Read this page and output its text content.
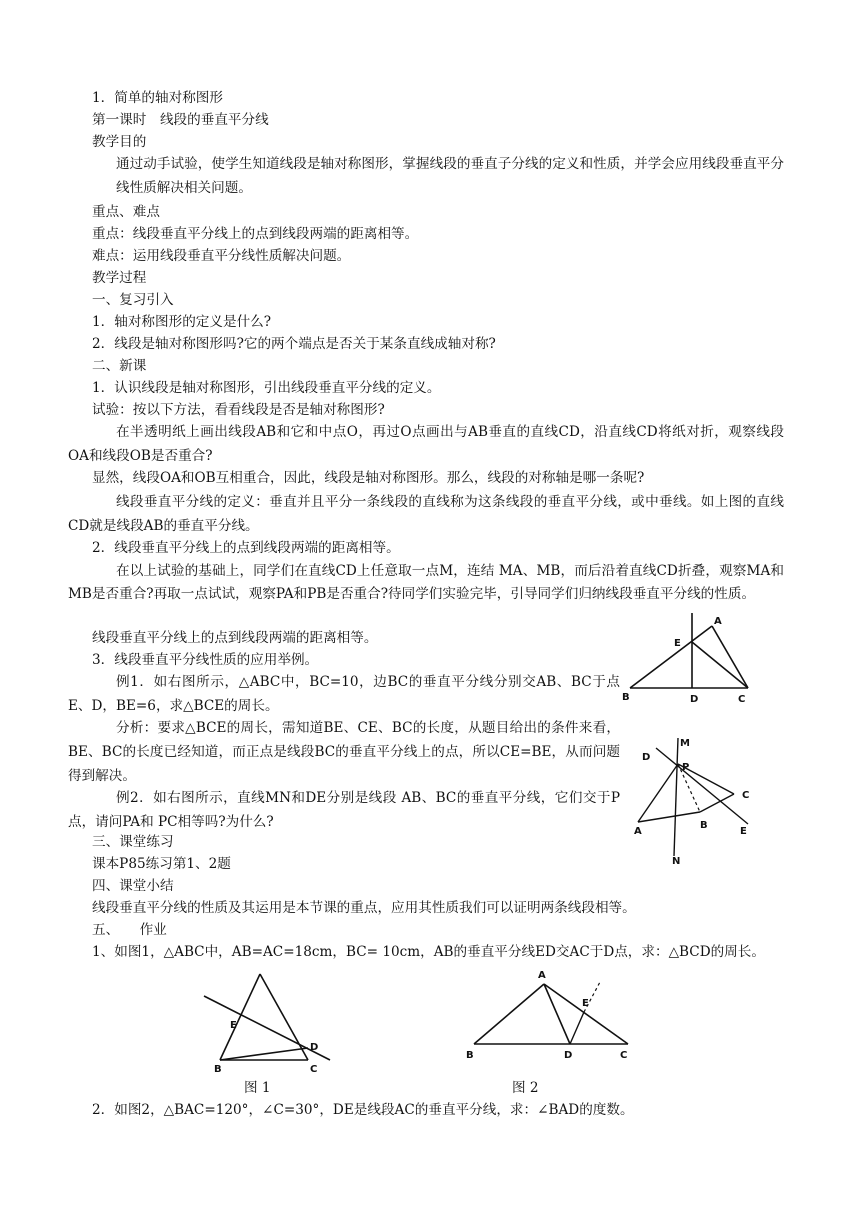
1．简单的轴对称图形
第一课时　线段的垂直平分线
教学目的
通过动手试验，使学生知道线段是轴对称图形，掌握线段的垂直子分线的定义和性质，并学会应用线段垂直平分线性质解决相关问题。
重点、难点
重点：线段垂直平分线上的点到线段两端的距离相等。
难点：运用线段垂直平分线性质解决问题。
教学过程
一、复习引入
1．轴对称图形的定义是什么?
2．线段是轴对称图形吗?它的两个端点是否关于某条直线成轴对称?
二、新课
1．认识线段是轴对称图形，引出线段垂直平分线的定义。
试验：按以下方法，看看线段是否是轴对称图形?
在半透明纸上画出线段AB和它和中点O，再过O点画出与AB垂直的直线CD，沿直线CD将纸对折，观察线段OA和线段OB是否重合?
显然，线段OA和OB互相重合，因此，线段是轴对称图形。那么，线段的对称轴是哪一条呢?
线段垂直平分线的定义：垂直并且平分一条线段的直线称为这条线段的垂直平分线，或中垂线。如上图的直线 CD就是线段AB的垂直平分线。
2．线段垂直平分线上的点到线段两端的距离相等。
在以上试验的基础上，同学们在直线CD上任意取一点M，连结 MA、MB，而后沿着直线CD折叠，观察MA和MB是否重合?再取一点试试，观察PA和PB是否重合?待同学们实验完毕，引导同学们归纳线段垂直平分线的性质。
线段垂直平分线上的点到线段两端的距离相等。
3．线段垂直平分线性质的应用举例。
例1．如右图所示，△ABC中，BC=10，边BC的垂直平分线分别交AB、BC于点E、D，BE=6，求△BCE的周长。
分析：要求△BCE的周长，需知道BE、CE、BC的长度，从题目给出的条件来看，BE、BC的长度已经知道，而正点是线段BC的垂直平分线上的点，所以CE=BE，从而问题得到解决。
例2．如右图所示，直线MN和DE分别是线段 AB、BC的垂直平分线，它们交于P点，请问PA和 PC相等吗?为什么?
三、课堂练习
课本P85练习第1、2题
四、课堂小结
线段垂直平分线的性质及其运用是本节课的重点，应用其性质我们可以证明两条线段相等。
五、　　作业
1、如图1，△ABC中，AB=AC=18cm，BC= 10cm，AB的垂直平分线ED交AC于D点，求：△BCD的周长。
2．如图2，△BAC=120°，∠C=30°，DE是线段AC的垂直平分线，求：∠BAD的度数。
A
E
B	D	C
M
D
P
C
A
B
E
N
E
D
B	C
图 1
A
E
B	D	C
图 2
